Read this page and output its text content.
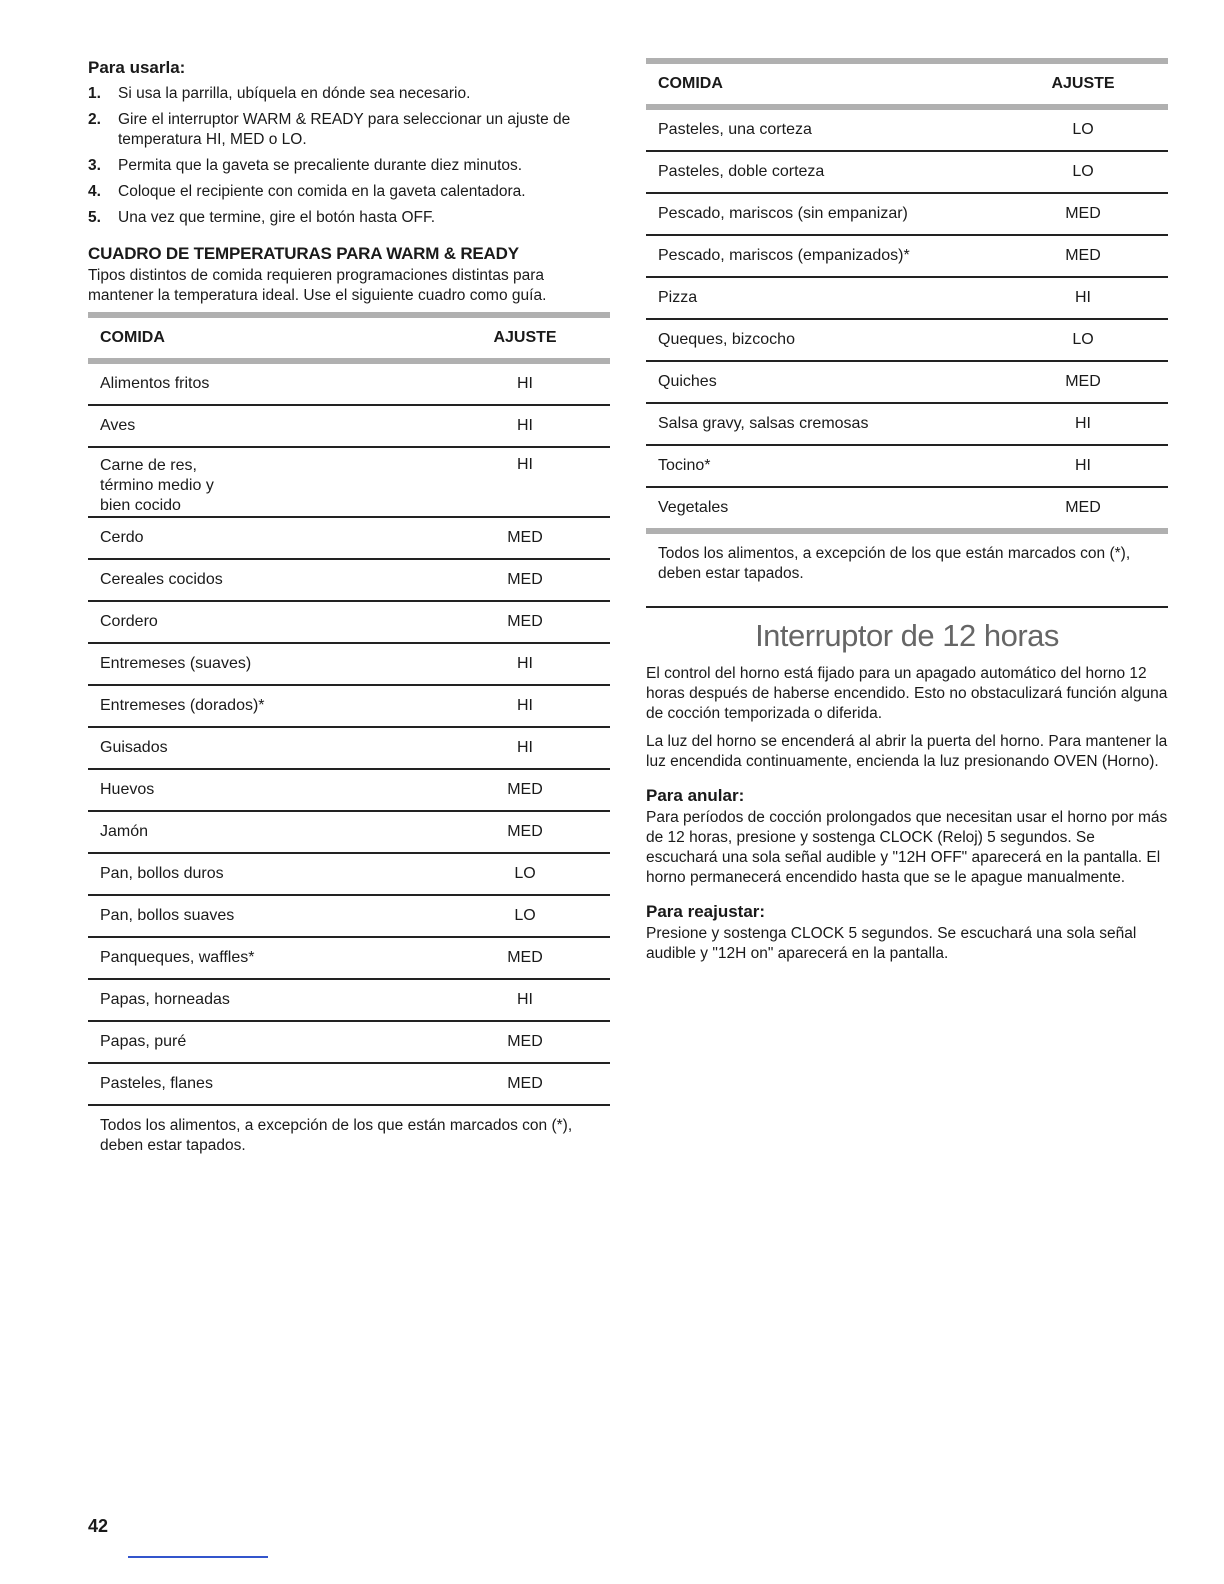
Para usarla:
1.	Si usa la parrilla, ubíquela en dónde sea necesario.
2.	Gire el interruptor WARM & READY para seleccionar un ajuste de temperatura HI, MED o LO.
3.	Permita que la gaveta se precaliente durante diez minutos.
4.	Coloque el recipiente con comida en la gaveta calentadora.
5.	Una vez que termine, gire el botón hasta OFF.
CUADRO DE TEMPERATURAS PARA WARM & READY

Tipos distintos de comida requieren programaciones distintas para mantener la temperatura ideal. Use el siguiente cuadro como guía.

COMIDA	AJUSTE
Alimentos fritos	HI
Aves	HI
Carne de res, término medio y bien cocido	HI
Cerdo	MED
Cereales cocidos	MED
Cordero	MED
Entremeses (suaves)	HI
Entremeses (dorados)*	HI
Guisados	HI
Huevos	MED
Jamón	MED
Pan, bollos duros	LO
Pan, bollos suaves	LO
Panqueques, waffles*	MED
Papas, horneadas	HI
Papas, puré	MED
Pasteles, flanes	MED

Todos los alimentos, a excepción de los que están marcados con (*), deben estar tapados.

COMIDA	AJUSTE
Pasteles, una corteza	LO
Pasteles, doble corteza	LO
Pescado, mariscos (sin empanizar)	MED
Pescado, mariscos (empanizados)*	MED
Pizza	HI
Queques, bizcocho	LO
Quiches	MED
Salsa gravy, salsas cremosas	HI
Tocino*	HI
Vegetales	MED

Todos los alimentos, a excepción de los que están marcados con (*), deben estar tapados.

Interruptor de 12 horas

El control del horno está fijado para un apagado automático del horno 12 horas después de haberse encendido. Esto no obstaculizará función alguna de cocción temporizada o diferida.

La luz del horno se encenderá al abrir la puerta del horno. Para mantener la luz encendida continuamente, encienda la luz presionando OVEN (Horno).

Para anular:

Para períodos de cocción prolongados que necesitan usar el horno por más de 12 horas, presione y sostenga CLOCK (Reloj) 5 segundos. Se escuchará una sola señal audible y "12H OFF" aparecerá en la pantalla. El horno permanecerá encendido hasta que se le apague manualmente.

Para reajustar:

Presione y sostenga CLOCK 5 segundos. Se escuchará una sola señal audible y "12H on" aparecerá en la pantalla.

42
